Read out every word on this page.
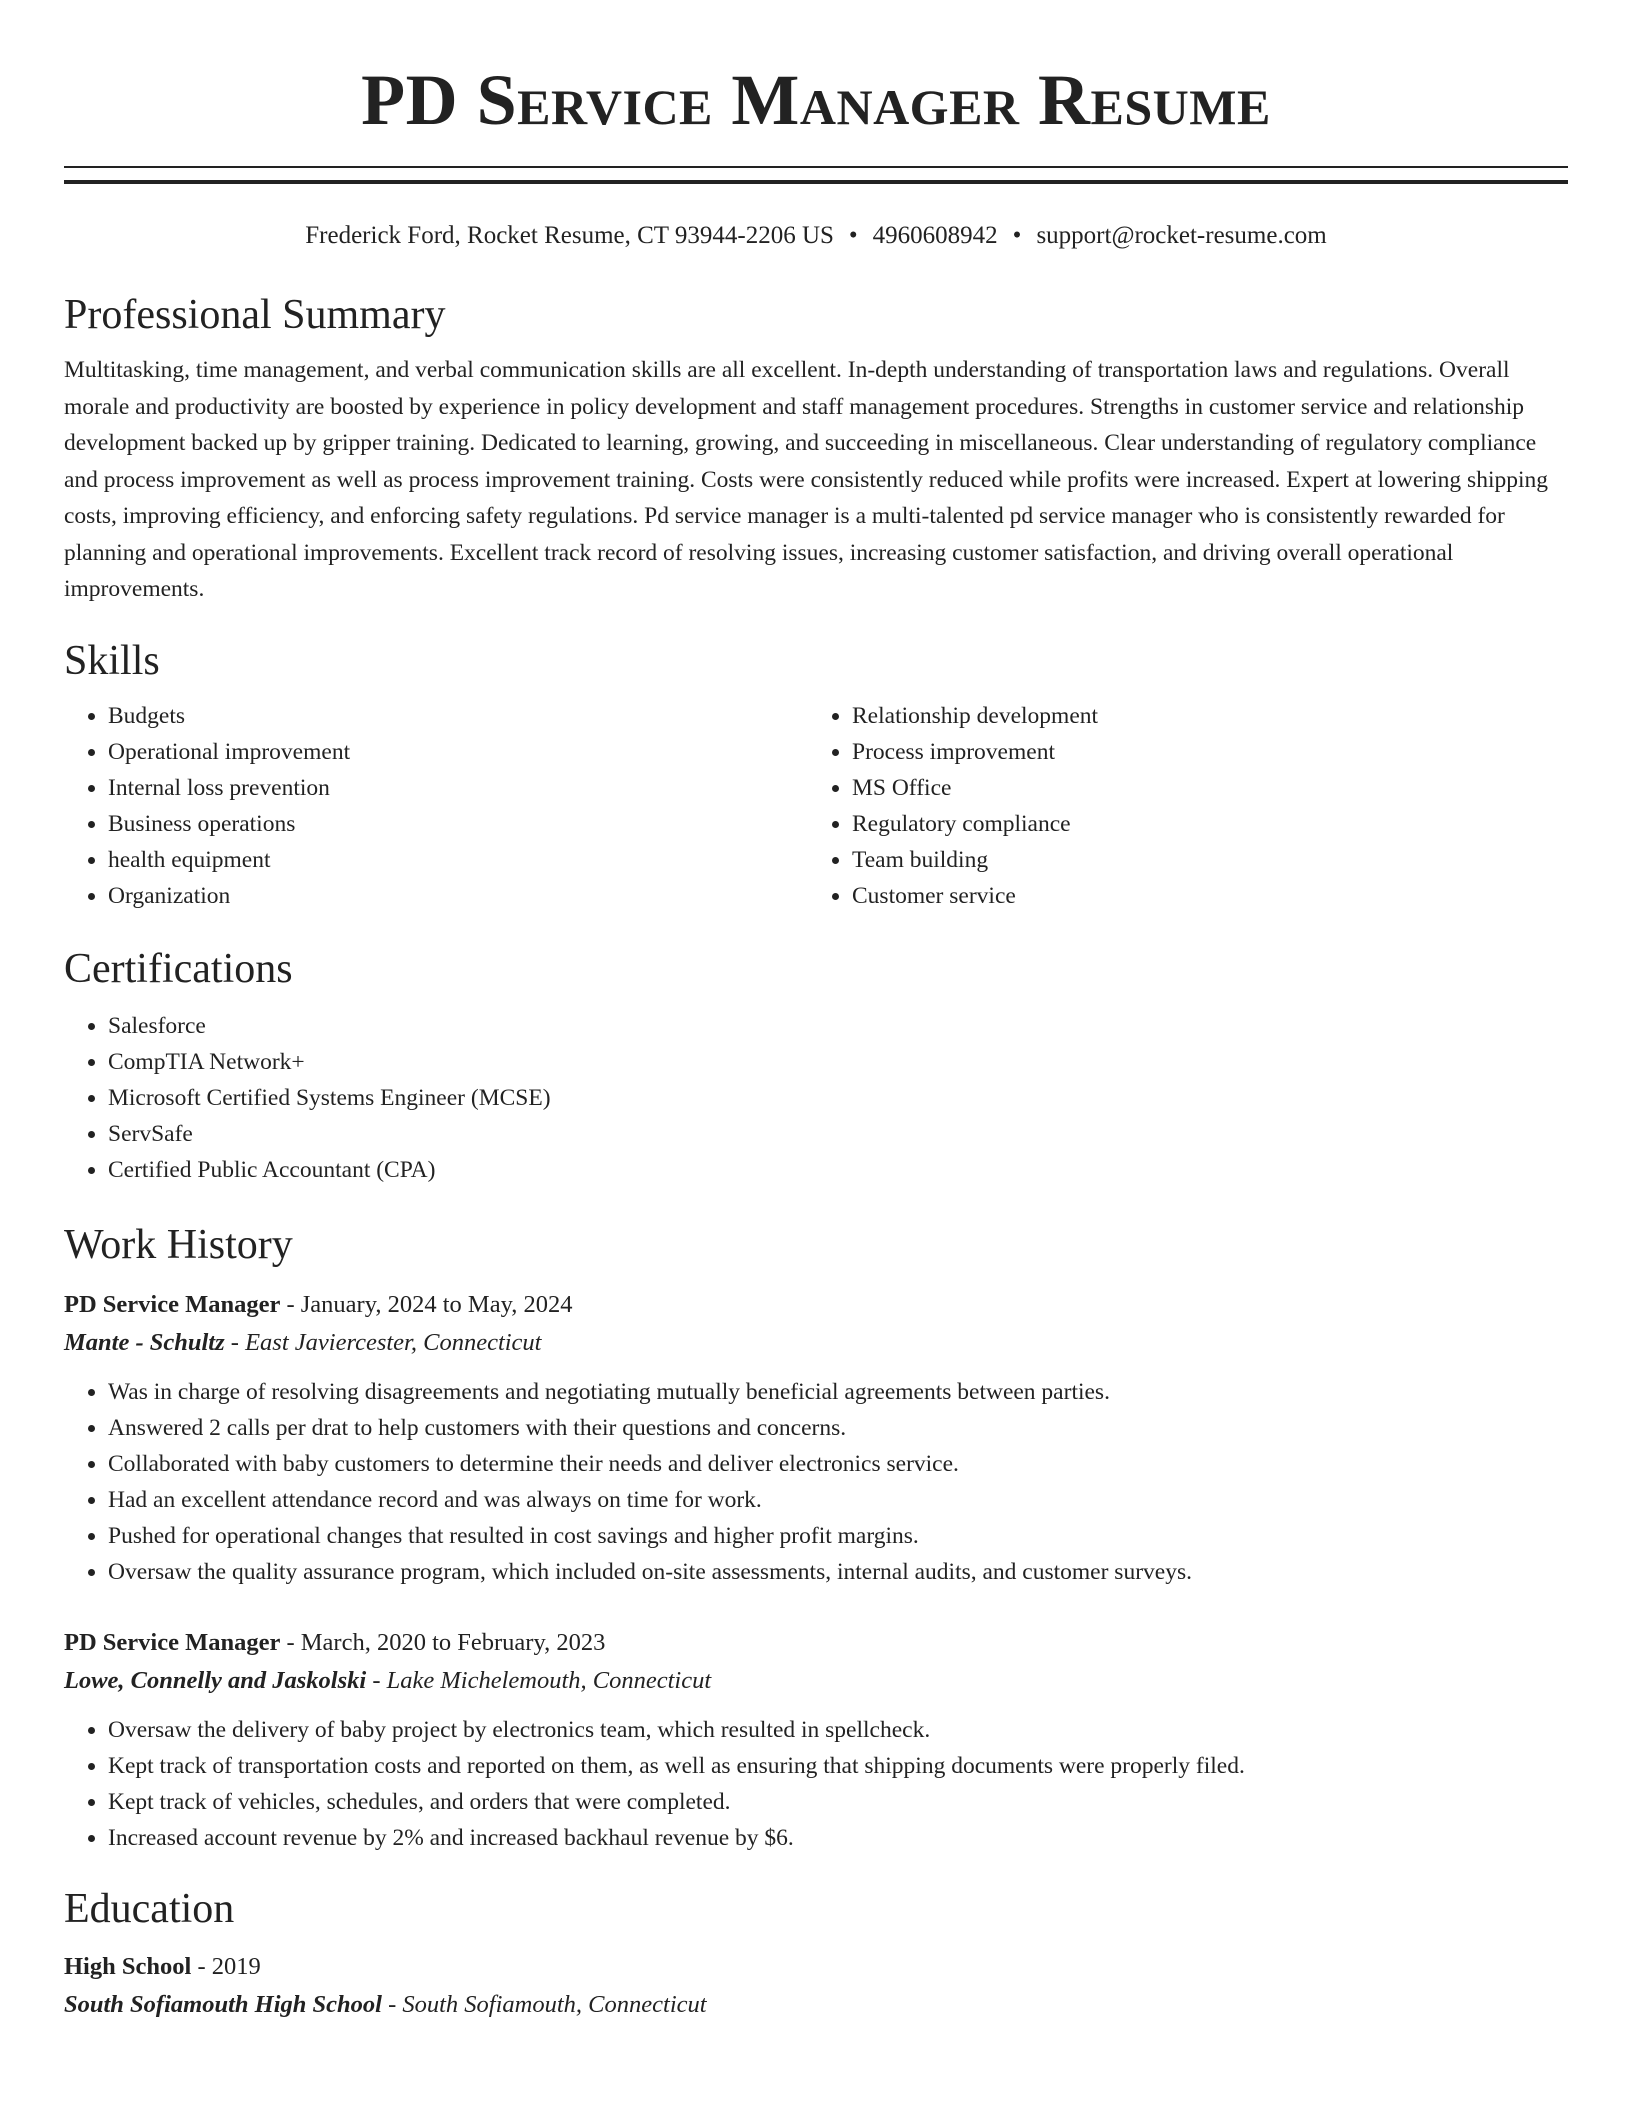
PD Service Manager Resume
Frederick Ford, Rocket Resume, CT 93944-2206 US • 4960608942 • support@rocket-resume.com
Professional Summary

Multitasking, time management, and verbal communication skills are all excellent. In-depth understanding of transportation laws and regulations. Overall morale and productivity are boosted by experience in policy development and staff management procedures. Strengths in customer service and relationship development backed up by gripper training. Dedicated to learning, growing, and succeeding in miscellaneous. Clear understanding of regulatory compliance and process improvement as well as process improvement training. Costs were consistently reduced while profits were increased. Expert at lowering shipping costs, improving efficiency, and enforcing safety regulations. Pd service manager is a multi-talented pd service manager who is consistently rewarded for planning and operational improvements. Excellent track record of resolving issues, increasing customer satisfaction, and driving overall operational improvements.

Skills
• Budgets
• Operational improvement
• Internal loss prevention
• Business operations
• health equipment
• Organization
• Relationship development
• Process improvement
• MS Office
• Regulatory compliance
• Team building
• Customer service
Certifications
• Salesforce
• CompTIA Network+
• Microsoft Certified Systems Engineer (MCSE)
• ServSafe
• Certified Public Accountant (CPA)
Work History
PD Service Manager - January, 2024 to May, 2024
Mante - Schultz - East Javiercester, Connecticut
• Was in charge of resolving disagreements and negotiating mutually beneficial agreements between parties.
• Answered 2 calls per drat to help customers with their questions and concerns.
• Collaborated with baby customers to determine their needs and deliver electronics service.
• Had an excellent attendance record and was always on time for work.
• Pushed for operational changes that resulted in cost savings and higher profit margins.
• Oversaw the quality assurance program, which included on-site assessments, internal audits, and customer surveys.
PD Service Manager - March, 2020 to February, 2023
Lowe, Connelly and Jaskolski - Lake Michelemouth, Connecticut
• Oversaw the delivery of baby project by electronics team, which resulted in spellcheck.
• Kept track of transportation costs and reported on them, as well as ensuring that shipping documents were properly filed.
• Kept track of vehicles, schedules, and orders that were completed.
• Increased account revenue by 2% and increased backhaul revenue by $6.
Education
High School - 2019
South Sofiamouth High School - South Sofiamouth, Connecticut
